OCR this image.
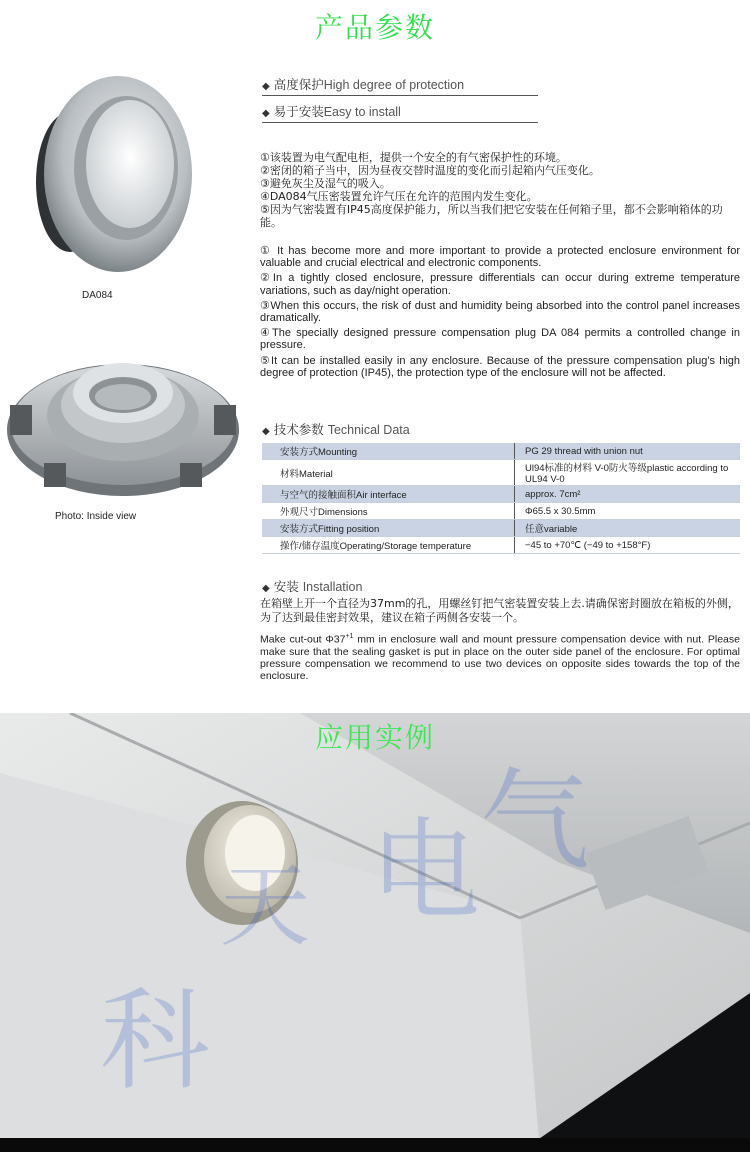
产品参数
DA084
Photo: Inside view
◆ 高度保护High degree of protection
◆ 易于安装Easy to install

①该装置为电气配电柜，提供一个安全的有气密保护性的环境。

②密闭的箱子当中，因为昼夜交替时温度的变化而引起箱内气压变化。

③避免灰尘及湿气的吸入。

④DA084气压密装置允许气压在允许的范围内发生变化。

⑤因为气密装置有IP45高度保护能力，所以当我们把它安装在任何箱子里，都不会影响箱体的功能。

① It has become more and more important to provide a protected enclosure environment for valuable and crucial electrical and electronic components.

②In a tightly closed enclosure, pressure differentials can occur during extreme temperature variations, such as day/night operation.

③When this occurs, the risk of dust and humidity being absorbed into the control panel increases dramatically.

④The specially designed pressure compensation plug DA 084 permits a controlled change in pressure.

⑤It can be installed easily in any enclosure. Because of the pressure compensation plug's high degree of protection (IP45), the protection type of the enclosure will not be affected.

◆ 技术参数 Technical Data
安装方式Mounting	PG 29 thread with union nut
材料Material	Ul94标准的材料 V-0防火等级plastic according to UL94 V-0
与空气的接触面积Air interface	approx. 7cm²
外观尺寸Dimensions	Φ65.5 x 30.5mm
安装方式Fitting position	任意variable
操作/储存温度Operating/Storage temperature	−45 to +70℃ (−49 to +158°F)
◆ 安装 Installation
在箱壁上开一个直径为37mm的孔，用螺丝钉把气密装置安装上去.请确保密封圈放在箱板的外侧，为了达到最佳密封效果，建议在箱子两侧各安装一个。
Make cut-out $\Phi 37^{+1}$ mm in enclosure wall and mount pressure compensation device with nut. Please make sure that the sealing gasket is put in place on the outer side panel of the enclosure. For optimal pressure compensation we recommend to use two devices on opposite sides towards the top of the enclosure.
科
天 电 气
应用实例
